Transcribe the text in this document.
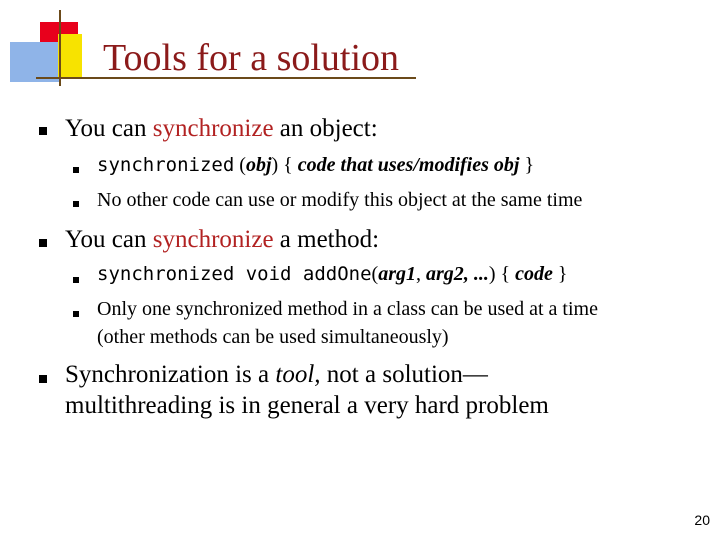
Tools for a solution
You can synchronize an object:
synchronized (obj) { code that uses/modifies obj }
No other code can use or modify this object at the same time
You can synchronize a method:
synchronized void addOne(arg1, arg2, ...) { code }
Only one synchronized method in a class can be used at a time
(other methods can be used simultaneously)
Synchronization is a tool, not a solution—
multithreading is in general a very hard problem
20
